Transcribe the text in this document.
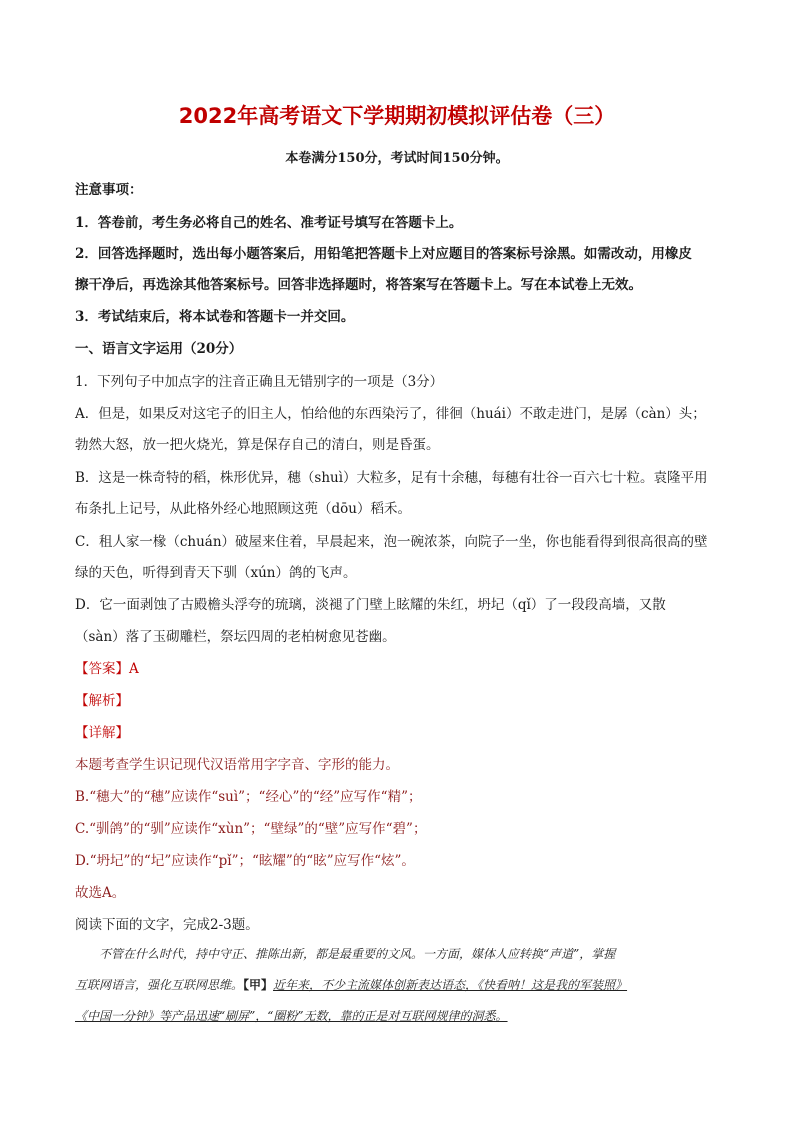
2022年高考语文下学期期初模拟评估卷（三）
本卷满分150分，考试时间150分钟。
注意事项：
1．答卷前，考生务必将自己的姓名、准考证号填写在答题卡上。
2．回答选择题时，选出每小题答案后，用铅笔把答题卡上对应题目的答案标号涂黑。如需改动，用橡皮
擦干净后，再选涂其他答案标号。回答非选择题时，将答案写在答题卡上。写在本试卷上无效。
3．考试结束后，将本试卷和答题卡一并交回。
一、语言文字运用（20分）
1．下列句子中加点字的注音正确且无错别字的一项是（3分）
A．但是，如果反对这宅子的旧主人，怕给他的东西染污了，徘徊（huái）不敢走进门，是孱（càn）头；
勃然大怒，放一把火烧光，算是保存自己的清白，则是昏蛋。
B．这是一株奇特的稻，株形优异，穗（shuì）大粒多，足有十余穗，每穗有壮谷一百六七十粒。袁隆平用
布条扎上记号，从此格外经心地照顾这蔸（dōu）稻禾。
C．租人家一椽（chuán）破屋来住着，早晨起来，泡一碗浓茶，向院子一坐，你也能看得到很高很高的壁
绿的天色，听得到青天下驯（xún）鸽的飞声。
D．它一面剥蚀了古殿檐头浮夸的琉璃，淡褪了门壁上眩耀的朱红，坍圮（qǐ）了一段段高墙，又散
（sàn）落了玉砌雕栏，祭坛四周的老柏树愈见苍幽。
【答案】A
【解析】
【详解】
本题考查学生识记现代汉语常用字字音、字形的能力。
B.“穗大”的“穗”应读作“suì”；“经心”的“经”应写作“精”；
C.“驯鸽”的“驯”应读作“xùn”；“壁绿”的“壁”应写作“碧”；
D.“坍圮”的“圮”应读作“pǐ”；“眩耀”的“眩”应写作“炫”。
故选A。
阅读下面的文字，完成2-3题。
不管在什么时代，持中守正、推陈出新，都是最重要的文风。一方面，媒体人应转换“声道”，掌握
互联网语言，强化互联网思维。【甲】近年来，不少主流媒体创新表达语态，《快看呐！这是我的军装照》
《中国一分钟》等产品迅速“刷屏”，“圈粉”无数，靠的正是对互联网规律的洞悉。
